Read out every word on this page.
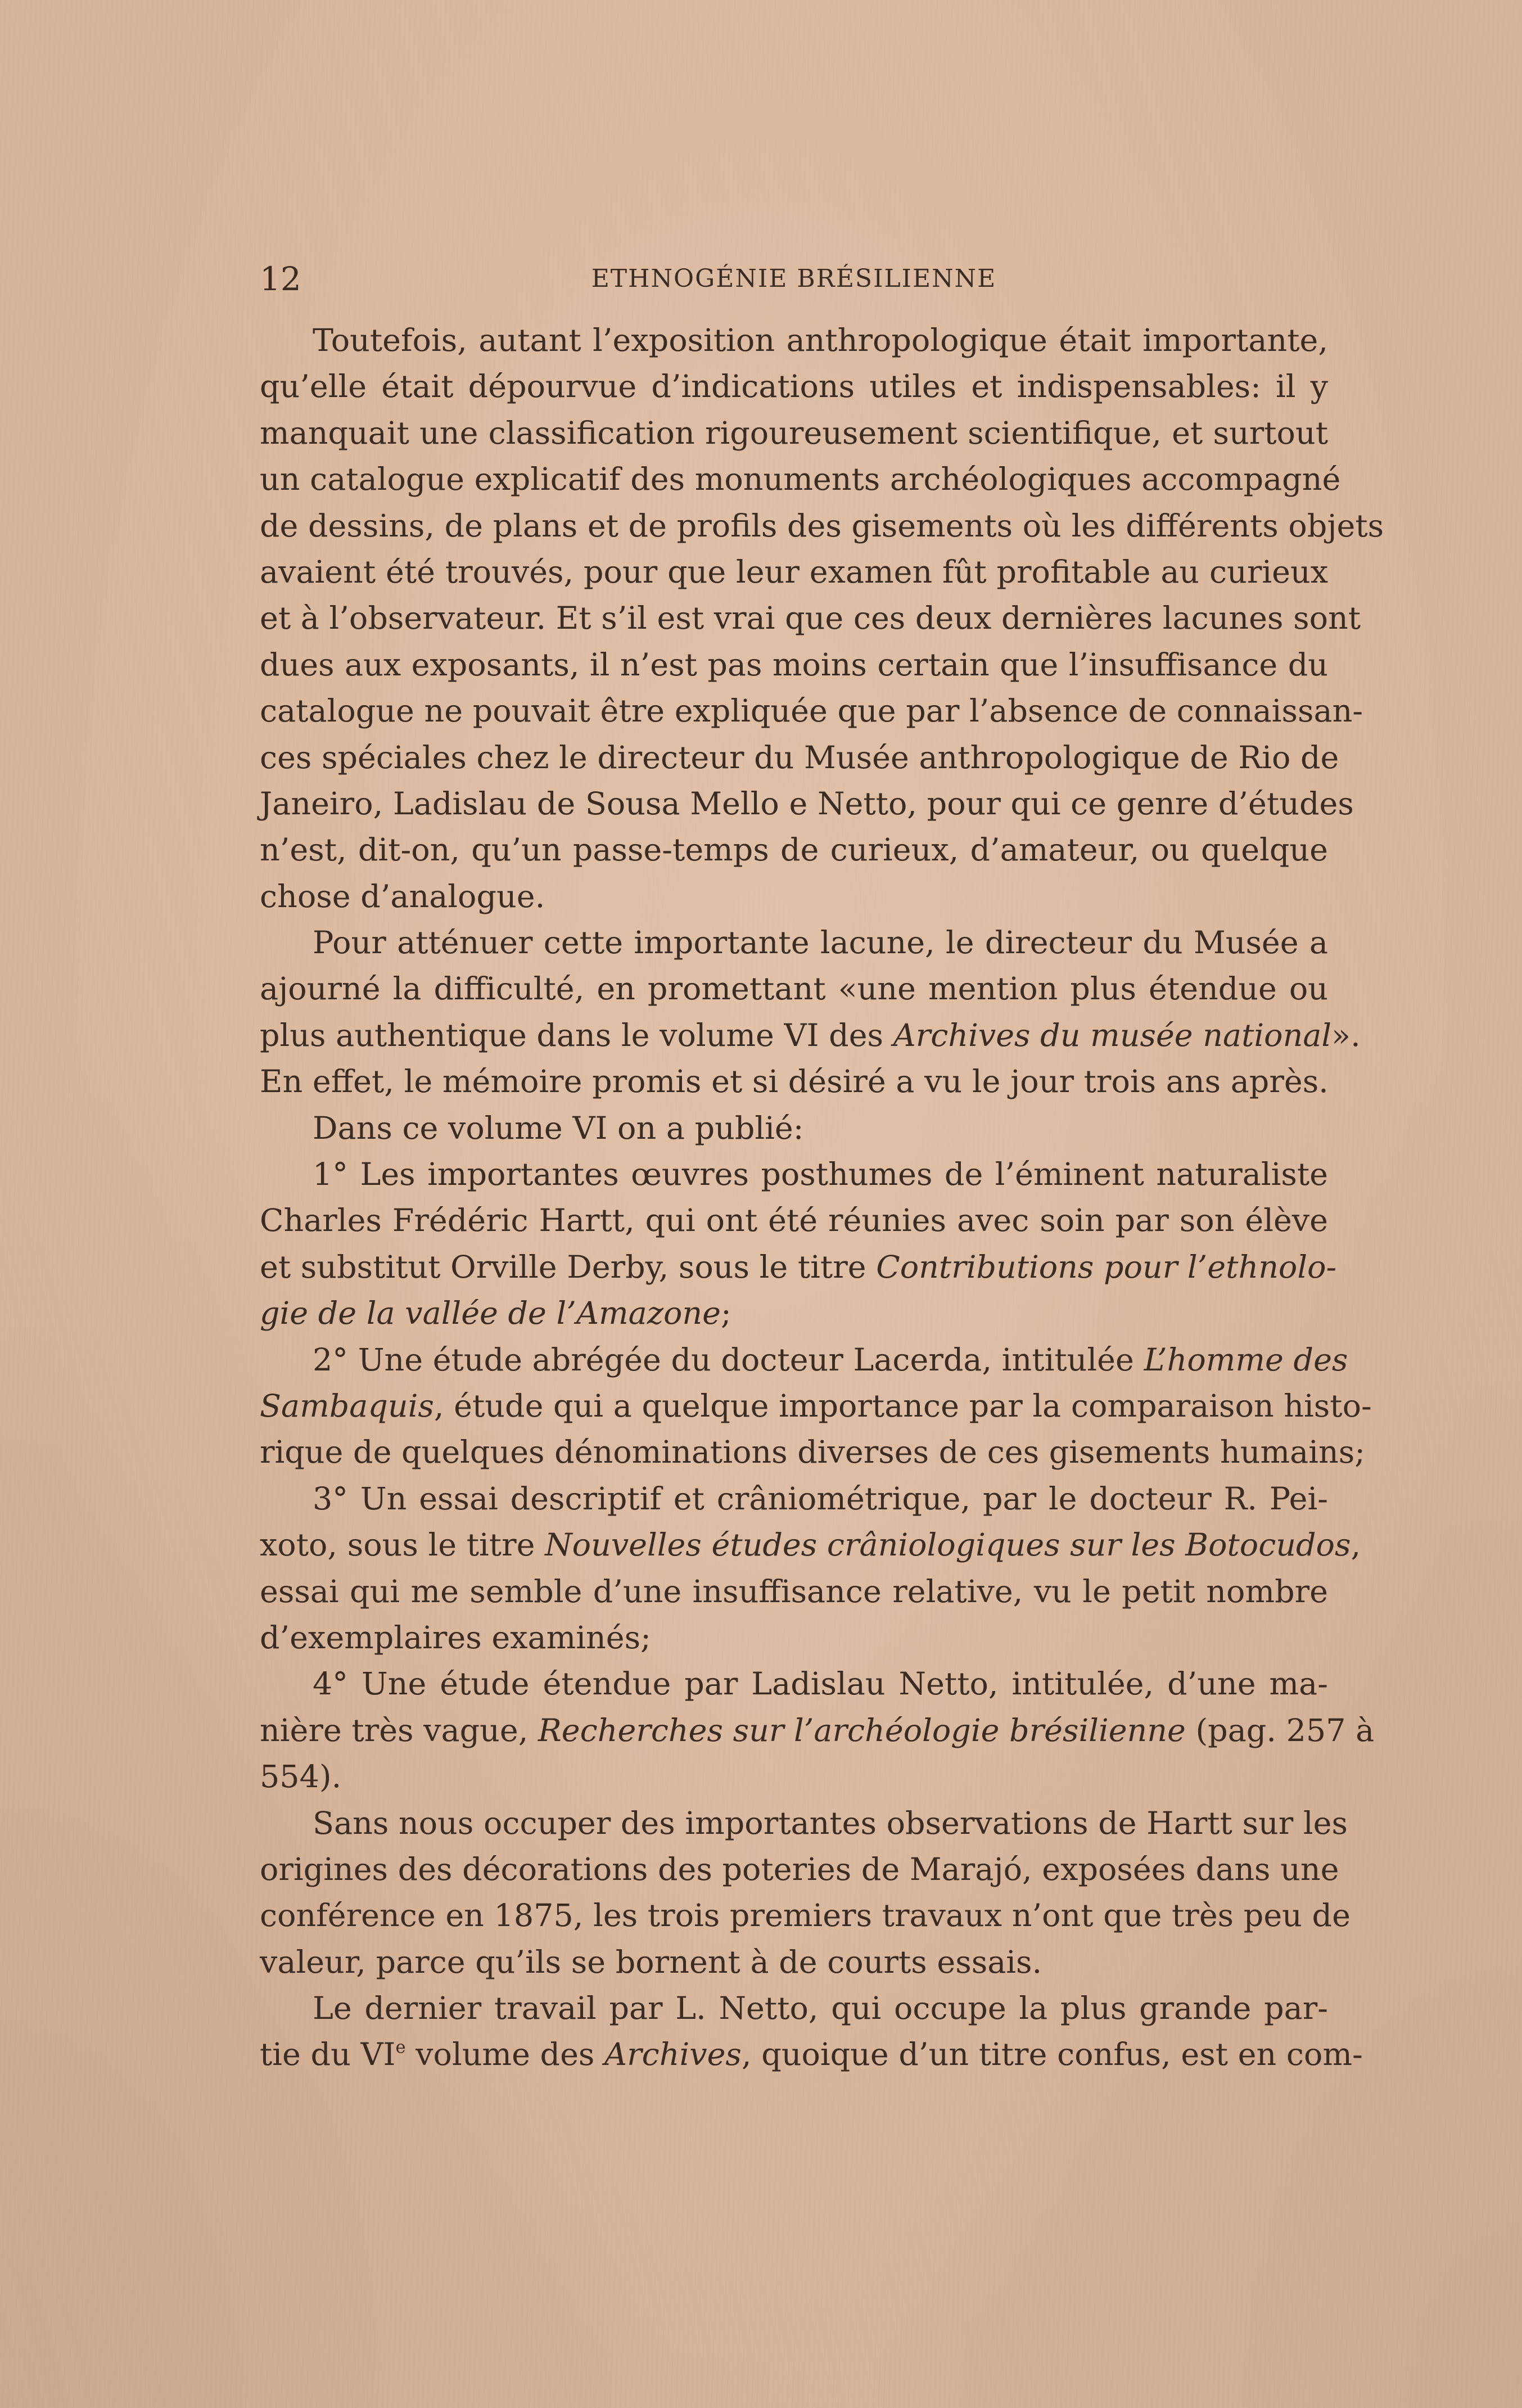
12	ETHNOGÉNIE BRÉSILIENNE
Toutefois, autant l’exposition anthropologique était importante,
qu’elle était dépourvue d’indications utiles et indispensables: il y
manquait une classification rigoureusement scientifique, et surtout
un catalogue explicatif des monuments archéologiques accompagné
de dessins, de plans et de profils des gisements où les différents objets
avaient été trouvés, pour que leur examen fût profitable au curieux
et à l’observateur. Et s’il est vrai que ces deux dernières lacunes sont
dues aux exposants, il n’est pas moins certain que l’insuffisance du
catalogue ne pouvait être expliquée que par l’absence de connaissan-
ces spéciales chez le directeur du Musée anthropologique de Rio de
Janeiro, Ladislau de Sousa Mello e Netto, pour qui ce genre d’études
n’est, dit-on, qu’un passe-temps de curieux, d’amateur, ou quelque
chose d’analogue.
Pour atténuer cette importante lacune, le directeur du Musée a
ajourné la difficulté, en promettant «une mention plus étendue ou
plus authentique dans le volume VI des Archives du musée national».
En effet, le mémoire promis et si désiré a vu le jour trois ans après.
Dans ce volume VI on a publié:
1° Les importantes œuvres posthumes de l’éminent naturaliste
Charles Frédéric Hartt, qui ont été réunies avec soin par son élève
et substitut Orville Derby, sous le titre Contributions pour l’ethnolo-
gie de la vallée de l’Amazone;
2° Une étude abrégée du docteur Lacerda, intitulée L’homme des
Sambaquis, étude qui a quelque importance par la comparaison histo-
rique de quelques dénominations diverses de ces gisements humains;
3° Un essai descriptif et crâniométrique, par le docteur R. Pei-
xoto, sous le titre Nouvelles études crâniologiques sur les Botocudos,
essai qui me semble d’une insuffisance relative, vu le petit nombre
d’exemplaires examinés;
4° Une étude étendue par Ladislau Netto, intitulée, d’une ma-
nière très vague, Recherches sur l’archéologie brésilienne (pag. 257 à
554).
Sans nous occuper des importantes observations de Hartt sur les
origines des décorations des poteries de Marajó, exposées dans une
conférence en 1875, les trois premiers travaux n’ont que très peu de
valeur, parce qu’ils se bornent à de courts essais.
Le dernier travail par L. Netto, qui occupe la plus grande par-
tie du VIe volume des Archives, quoique d’un titre confus, est en com-
